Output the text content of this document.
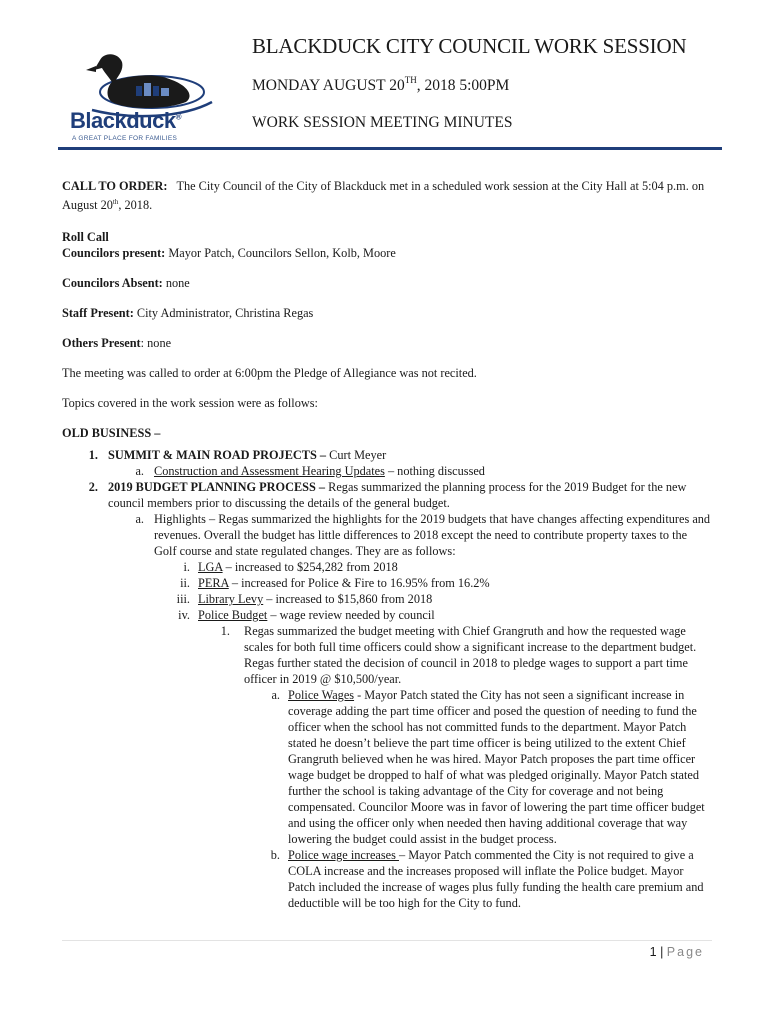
Blackduck®
A GREAT PLACE FOR FAMILIES
BLACKDUCK CITY COUNCIL WORK SESSION
MONDAY AUGUST 20TH, 2018 5:00PM
WORK SESSION MEETING MINUTES

CALL TO ORDER: The City Council of the City of Blackduck met in a scheduled work session at the City Hall at 5:04 p.m. on August 20th, 2018.

Roll Call

Councilors present: Mayor Patch, Councilors Sellon, Kolb, Moore

Councilors Absent: none

Staff Present: City Administrator, Christina Regas

Others Present: none

The meeting was called to order at 6:00pm the Pledge of Allegiance was not recited.

Topics covered in the work session were as follows:

OLD BUSINESS –

1. SUMMIT & MAIN ROAD PROJECTS – Curt Meyer
a. Construction and Assessment Hearing Updates – nothing discussed
2. 2019 BUDGET PLANNING PROCESS – Regas summarized the planning process for the 2019 Budget for the new council members prior to discussing the details of the general budget.
a. Highlights – Regas summarized the highlights for the 2019 budgets that have changes affecting expenditures and revenues. Overall the budget has little differences to 2018 except the need to contribute property taxes to the Golf course and state regulated changes. They are as follows:
i. LGA – increased to $254,282 from 2018
ii. PERA – increased for Police & Fire to 16.95% from 16.2%
iii. Library Levy – increased to $15,860 from 2018
iv. Police Budget – wage review needed by council
1.	Regas summarized the budget meeting with Chief Grangruth and how the requested wage scales for both full time officers could show a significant increase to the department budget. Regas further stated the decision of council in 2018 to pledge wages to support a part time officer in 2019 @ $10,500/year.
a. Police Wages - Mayor Patch stated the City has not seen a significant increase in coverage adding the part time officer and posed the question of needing to fund the officer when the school has not committed funds to the department. Mayor Patch stated he doesn’t believe the part time officer is being utilized to the extent Chief Grangruth believed when he was hired. Mayor Patch proposes the part time officer wage budget be dropped to half of what was pledged originally. Mayor Patch stated further the school is taking advantage of the City for coverage and not being compensated. Councilor Moore was in favor of lowering the part time officer budget and using the officer only when needed then having additional coverage that way lowering the budget could assist in the budget process.
b. Police wage increases – Mayor Patch commented the City is not required to give a COLA increase and the increases proposed will inflate the Police budget. Mayor Patch included the increase of wages plus fully funding the health care premium and deductible will be too high for the City to fund.
1 | Page
